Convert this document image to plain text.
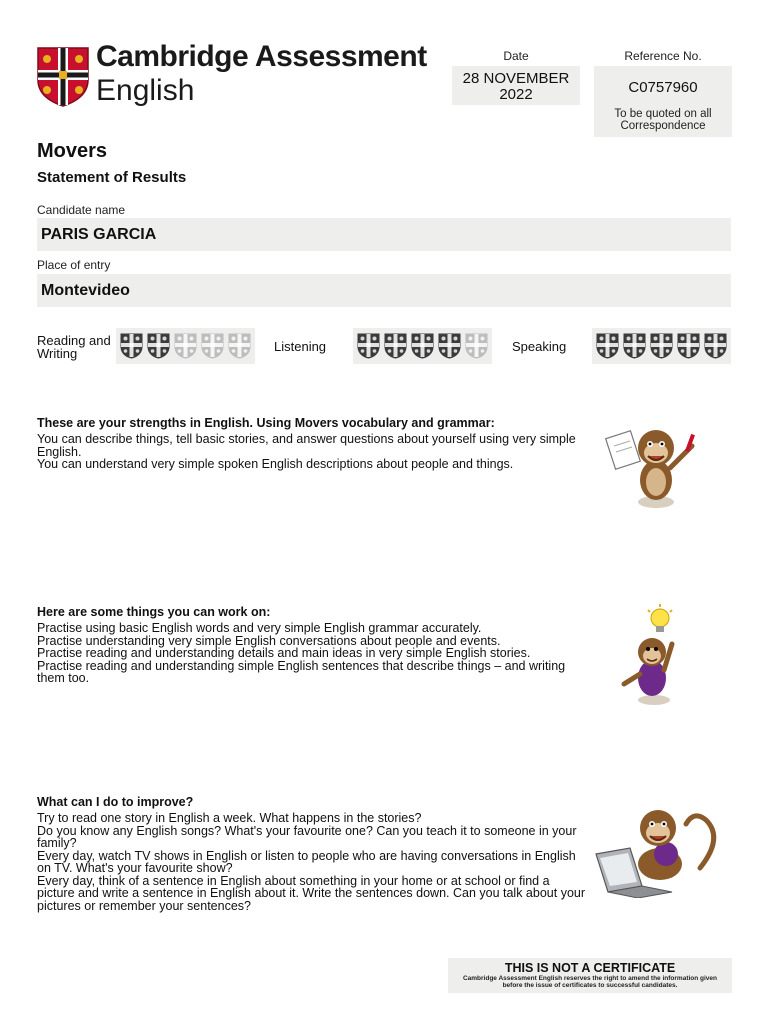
Cambridge Assessment
English
Date
28 NOVEMBER 2022
Reference No.
C0757960
To be quoted on all Correspondence
Movers
Statement of Results
Candidate name
PARIS GARCIA
Place of entry
Montevideo
Reading and Writing	Listening	Speaking
These are your strengths in English. Using Movers vocabulary and grammar:

You can describe things, tell basic stories, and answer questions about yourself using very simple English.

You can understand very simple spoken English descriptions about people and things.

Here are some things you can work on:

Practise using basic English words and very simple English grammar accurately.

Practise understanding very simple English conversations about people and events.

Practise reading and understanding details and main ideas in very simple English stories.

Practise reading and understanding simple English sentences that describe things – and writing them too.

What can I do to improve?

Try to read one story in English a week. What happens in the stories?

Do you know any English songs? What's your favourite one? Can you teach it to someone in your family?

Every day, watch TV shows in English or listen to people who are having conversations in English on TV. What's your favourite show?

Every day, think of a sentence in English about something in your home or at school or find a picture and write a sentence in English about it. Write the sentences down. Can you talk about your pictures or remember your sentences?

THIS IS NOT A CERTIFICATE
Cambridge Assessment English reserves the right to amend the information given before the issue of certificates to successful candidates.
